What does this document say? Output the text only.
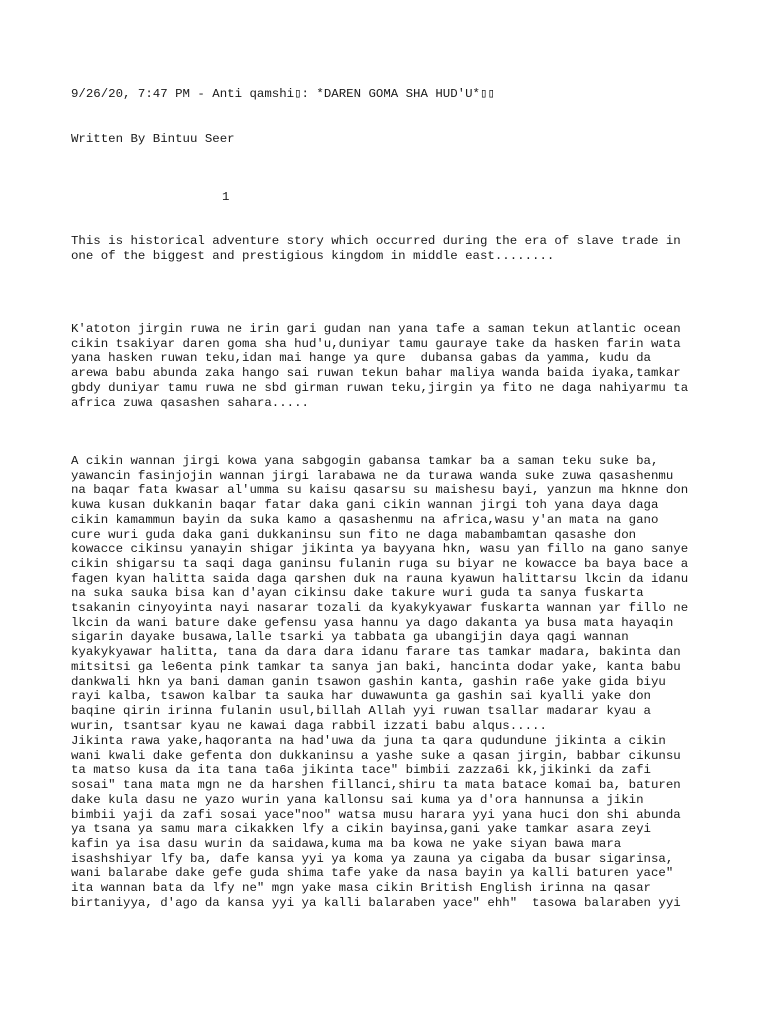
9/26/20, 7:47 PM - Anti qamshi▯: *DAREN GOMA SHA HUD'U*▯▯
Written By Bintuu Seer
1
This is historical adventure story which occurred during the era of slave trade in
one of the biggest and prestigious kingdom in middle east........
K'atoton jirgin ruwa ne irin gari gudan nan yana tafe a saman tekun atlantic ocean
cikin tsakiyar daren goma sha hud'u,duniyar tamu gauraye take da hasken farin wata
yana hasken ruwan teku,idan mai hange ya qure  dubansa gabas da yamma, kudu da
arewa babu abunda zaka hango sai ruwan tekun bahar maliya wanda baida iyaka,tamkar
gbdy duniyar tamu ruwa ne sbd girman ruwan teku,jirgin ya fito ne daga nahiyarmu ta
africa zuwa qasashen sahara.....
A cikin wannan jirgi kowa yana sabgogin gabansa tamkar ba a saman teku suke ba,
yawancin fasinjojin wannan jirgi larabawa ne da turawa wanda suke zuwa qasashenmu
na baqar fata kwasar al'umma su kaisu qasarsu su maishesu bayi, yanzun ma hknne don
kuwa kusan dukkanin baqar fatar daka gani cikin wannan jirgi toh yana daya daga
cikin kamammun bayin da suka kamo a qasashenmu na africa,wasu y'an mata na gano
cure wuri guda daka gani dukkaninsu sun fito ne daga mabambamtan qasashe don
kowacce cikinsu yanayin shigar jikinta ya bayyana hkn, wasu yan fillo na gano sanye
cikin shigarsu ta saqi daga ganinsu fulanin ruga su biyar ne kowacce ba baya bace a
fagen kyan halitta saida daga qarshen duk na rauna kyawun halittarsu lkcin da idanu
na suka sauka bisa kan d'ayan cikinsu dake takure wuri guda ta sanya fuskarta
tsakanin cinyoyinta nayi nasarar tozali da kyakykyawar fuskarta wannan yar fillo ne
lkcin da wani bature dake gefensu yasa hannu ya dago dakanta ya busa mata hayaqin
sigarin dayake busawa,lalle tsarki ya tabbata ga ubangijin daya qagi wannan
kyakykyawar halitta, tana da dara dara idanu farare tas tamkar madara, bakinta dan
mitsitsi ga le6enta pink tamkar ta sanya jan baki, hancinta dodar yake, kanta babu
dankwali hkn ya bani daman ganin tsawon gashin kanta, gashin ra6e yake gida biyu
rayi kalba, tsawon kalbar ta sauka har duwawunta ga gashin sai kyalli yake don
baqine qirin irinna fulanin usul,billah Allah yyi ruwan tsallar madarar kyau a
wurin, tsantsar kyau ne kawai daga rabbil izzati babu alqus.....
Jikinta rawa yake,haqoranta na had'uwa da juna ta qara qudundune jikinta a cikin
wani kwali dake gefenta don dukkaninsu a yashe suke a qasan jirgin, babbar cikunsu
ta matso kusa da ita tana ta6a jikinta tace" bimbii zazza6i kk,jikinki da zafi
sosai" tana mata mgn ne da harshen fillanci,shiru ta mata batace komai ba, baturen
dake kula dasu ne yazo wurin yana kallonsu sai kuma ya d'ora hannunsa a jikin
bimbii yaji da zafi sosai yace"noo" watsa musu harara yyi yana huci don shi abunda
ya tsana ya samu mara cikakken lfy a cikin bayinsa,gani yake tamkar asara zeyi
kafin ya isa dasu wurin da saidawa,kuma ma ba kowa ne yake siyan bawa mara
isashshiyar lfy ba, dafe kansa yyi ya koma ya zauna ya cigaba da busar sigarinsa,
wani balarabe dake gefe guda shima tafe yake da nasa bayin ya kalli baturen yace"
ita wannan bata da lfy ne" mgn yake masa cikin British English irinna na qasar
birtaniyya, d'ago da kansa yyi ya kalli balaraben yace" ehh"  tasowa balaraben yyi
